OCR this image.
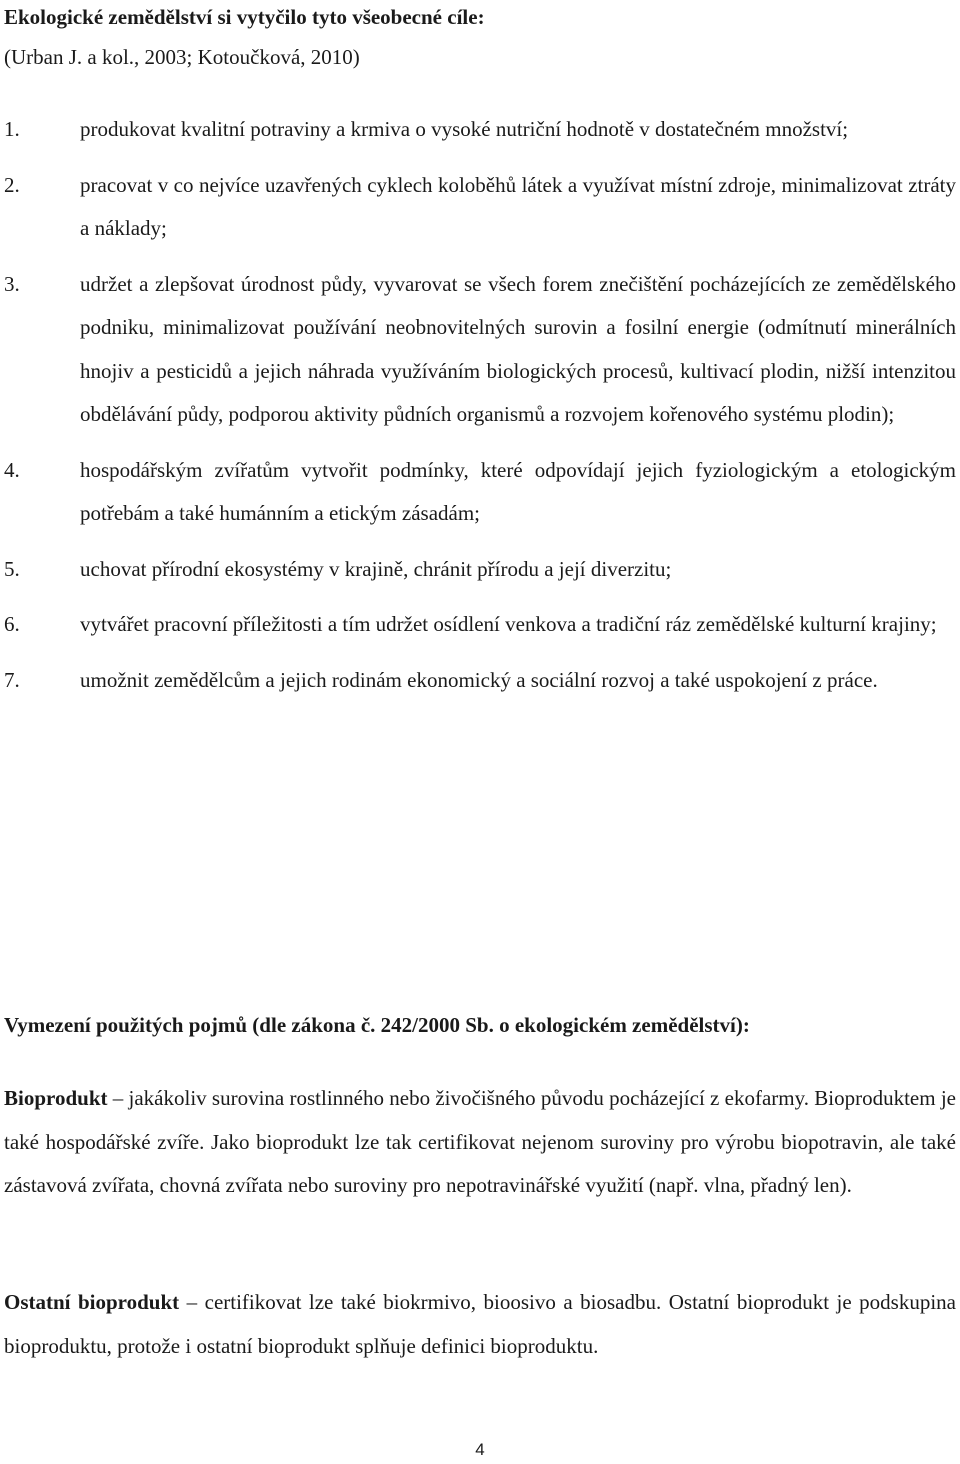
Ekologické zemědělství si vytyčilo tyto všeobecné cíle:
(Urban J. a kol., 2003; Kotoučková, 2010)
1.	produkovat kvalitní potraviny a krmiva o vysoké nutriční hodnotě v dostatečném množství;
2.	pracovat v co nejvíce uzavřených cyklech koloběhů látek a využívat místní zdroje, minimalizovat ztráty a náklady;
3.	udržet a zlepšovat úrodnost půdy, vyvarovat se všech forem znečištění pocházejících ze zemědělského podniku, minimalizovat používání neobnovitelných surovin a fosilní energie (odmítnutí minerálních hnojiv a pesticidů a jejich náhrada využíváním biologických procesů, kultivací plodin, nižší intenzitou obdělávání půdy, podporou aktivity půdních organismů a rozvojem kořenového systému plodin);
4.	hospodářským zvířatům vytvořit podmínky, které odpovídají jejich fyziologickým a etologickým potřebám a také humánním a etickým zásadám;
5.	uchovat přírodní ekosystémy v krajině, chránit přírodu a její diverzitu;
6.	vytvářet pracovní příležitosti a tím udržet osídlení venkova a tradiční ráz zemědělské kulturní krajiny;
7.	umožnit zemědělcům a jejich rodinám ekonomický a sociální rozvoj a také uspokojení z práce.
Vymezení použitých pojmů (dle zákona č. 242/2000 Sb. o ekologickém zemědělství):

Bioprodukt – jakákoliv surovina rostlinného nebo živočišného původu pocházející z ekofarmy. Bioproduktem je také hospodářské zvíře. Jako bioprodukt lze tak certifikovat nejenom suroviny pro výrobu biopotravin, ale také zástavová zvířata, chovná zvířata nebo suroviny pro nepotravinářské využití (např. vlna, přadný len).

Ostatní bioprodukt – certifikovat lze také biokrmivo, bioosivo a biosadbu. Ostatní bioprodukt je podskupina bioproduktu, protože i ostatní bioprodukt splňuje definici bioproduktu.

4
